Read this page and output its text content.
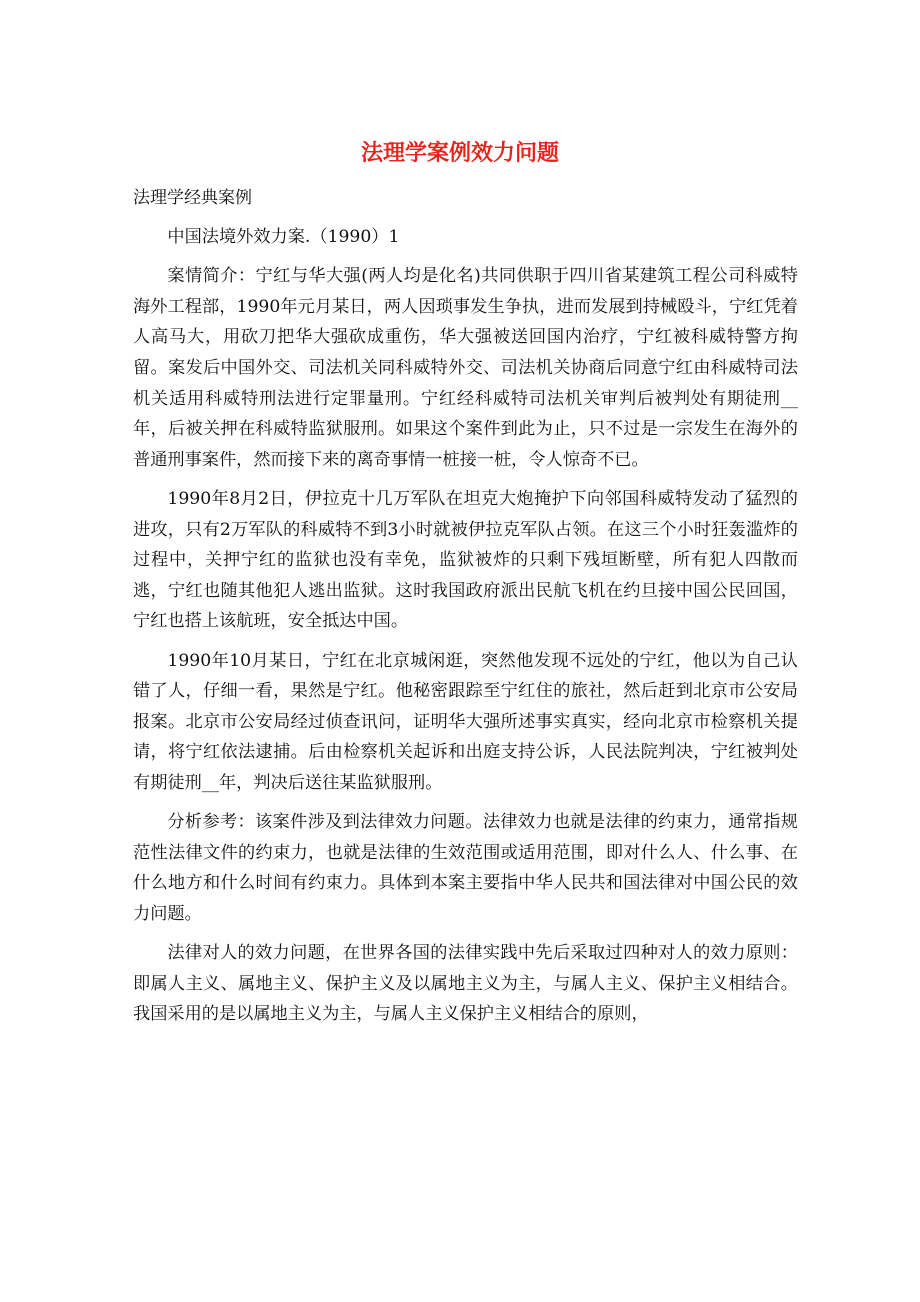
法理学案例效力问题
法理学经典案例

中国法境外效力案.（1990）1

案情简介：宁红与华大强(两人均是化名)共同供职于四川省某建筑工程公司科威特海外工程部，1990年元月某日，两人因琐事发生争执，进而发展到持械殴斗，宁红凭着人高马大，用砍刀把华大强砍成重伤，华大强被送回国内治疗，宁红被科威特警方拘留。案发后中国外交、司法机关同科威特外交、司法机关协商后同意宁红由科威特司法机关适用科威特刑法进行定罪量刑。宁红经科威特司法机关审判后被判处有期徒刑__年，后被关押在科威特监狱服刑。如果这个案件到此为止，只不过是一宗发生在海外的普通刑事案件，然而接下来的离奇事情一桩接一桩，令人惊奇不已。

1990年8月2日，伊拉克十几万军队在坦克大炮掩护下向邻国科威特发动了猛烈的进攻，只有2万军队的科威特不到3小时就被伊拉克军队占领。在这三个小时狂轰滥炸的过程中，关押宁红的监狱也没有幸免，监狱被炸的只剩下残垣断壁，所有犯人四散而逃，宁红也随其他犯人逃出监狱。这时我国政府派出民航飞机在约旦接中国公民回国，宁红也搭上该航班，安全抵达中国。

1990年10月某日，宁红在北京城闲逛，突然他发现不远处的宁红，他以为自己认错了人，仔细一看，果然是宁红。他秘密跟踪至宁红住的旅社，然后赶到北京市公安局报案。北京市公安局经过侦查讯问，证明华大强所述事实真实，经向北京市检察机关提请，将宁红依法逮捕。后由检察机关起诉和出庭支持公诉，人民法院判决，宁红被判处有期徒刑__年，判决后送往某监狱服刑。

分析参考：该案件涉及到法律效力问题。法律效力也就是法律的约束力，通常指规范性法律文件的约束力，也就是法律的生效范围或适用范围，即对什么人、什么事、在什么地方和什么时间有约束力。具体到本案主要指中华人民共和国法律对中国公民的效力问题。

法律对人的效力问题，在世界各国的法律实践中先后采取过四种对人的效力原则：即属人主义、属地主义、保护主义及以属地主义为主，与属人主义、保护主义相结合。我国采用的是以属地主义为主，与属人主义保护主义相结合的原则，
